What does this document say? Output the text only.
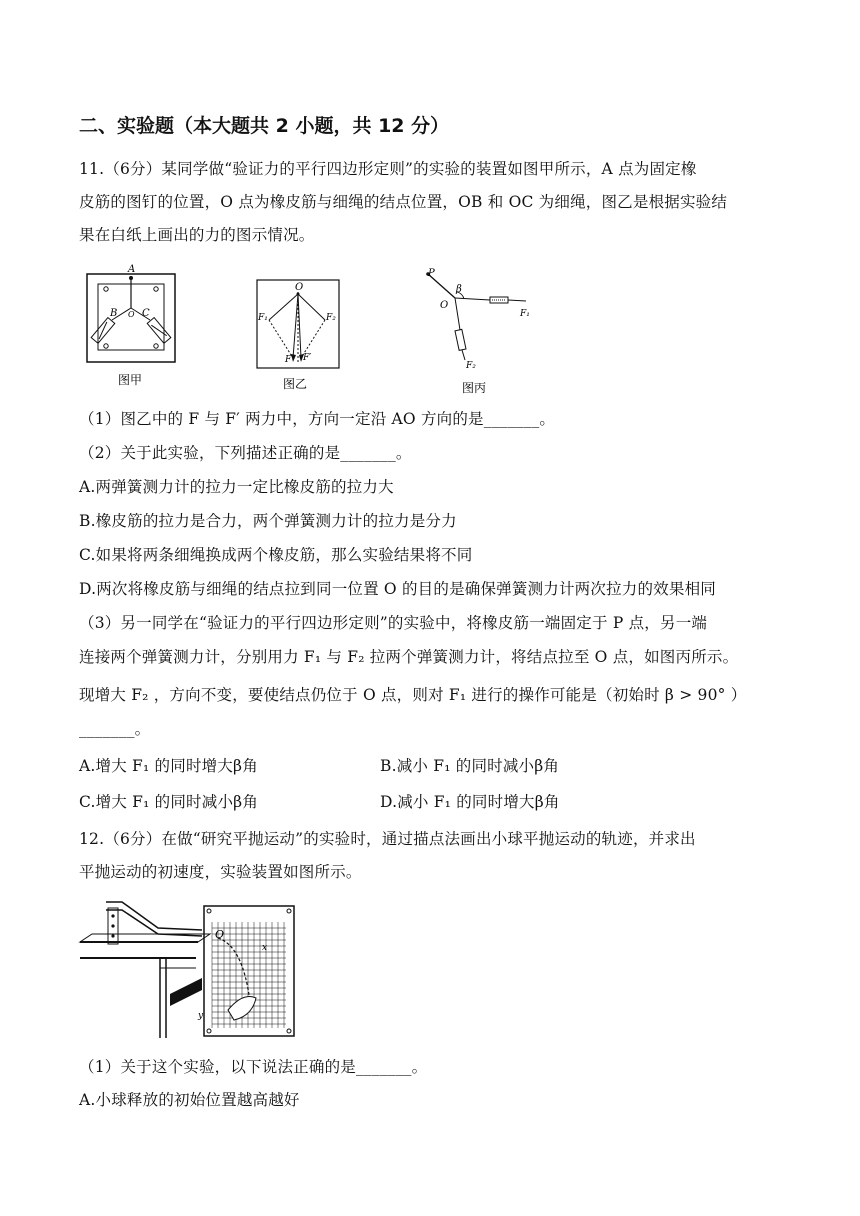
二、实验题（本大题共 2 小题，共 12 分）
11.（6分）某同学做“验证力的平行四边形定则”的实验的装置如图甲所示，A 点为固定橡
皮筋的图钉的位置，O 点为橡皮筋与细绳的结点位置，OB 和 OC 为细绳，图乙是根据实验结
果在白纸上画出的力的图示情况。
A
B C
O
图甲
O
F₁	F₂
F F′
图乙
P
β
O
F₁
F₂
图丙
（1）图乙中的 F 与 F′ 两力中，方向一定沿 AO 方向的是_______。
（2）关于此实验，下列描述正确的是_______。
A.两弹簧测力计的拉力一定比橡皮筋的拉力大
B.橡皮筋的拉力是合力，两个弹簧测力计的拉力是分力
C.如果将两条细绳换成两个橡皮筋，那么实验结果将不同
D.两次将橡皮筋与细绳的结点拉到同一位置 O 的目的是确保弹簧测力计两次拉力的效果相同
（3）另一同学在“验证力的平行四边形定则”的实验中，将橡皮筋一端固定于 P 点，另一端
连接两个弹簧测力计，分别用力 F₁ 与 F₂ 拉两个弹簧测力计，将结点拉至 O 点，如图丙所示。
现增大 F₂ ，方向不变，要使结点仍位于 O 点，则对 F₁ 进行的操作可能是（初始时 β > 90° ）
_______。
A.增大 F₁ 的同时增大β角	B.减小 F₁ 的同时减小β角
C.增大 F₁ 的同时减小β角	D.减小 F₁ 的同时增大β角
12.（6分）在做“研究平抛运动”的实验时，通过描点法画出小球平抛运动的轨迹，并求出
平抛运动的初速度，实验装置如图所示。
O
x
y
（1）关于这个实验，以下说法正确的是_______。
A.小球释放的初始位置越高越好
